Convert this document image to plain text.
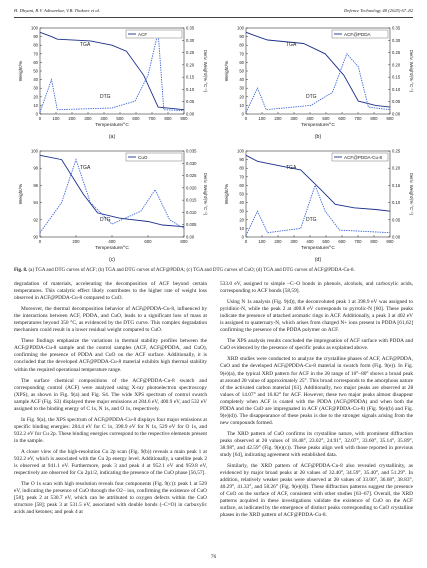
H. Dhyani, R.V. Adivarekar, V.B. Thakore et al.	Defence Technology 48 (2025) 67–82
0	100 200 300 400 500 600 700 800 900
0
10
20
30
40
50
60
70
80
90
100
0.00
0.05
0.10
0.15
0.20
0.25
0.30
0.35
Temperature/°C
Weight/%	Deriv. Weight/(%·°C⁻¹)
TGA
DTG
ACF
(a)
0	100 200 300 400 500 600 700 800 900
0
10
20
30
40
50
60
70
80
90
100
0.00
0.05
0.10
0.15
0.20
0.25
0.30
0.35
Temperature/°C
Weight/%	Deriv. Weight/(%·°C⁻¹)
TGA
DTG
ACF@PDDA
(b)
0	200	400	600	800
90
92
94
96
98
100
0.00
0.005
0.010
0.015
0.020
0.025
0.030
0.035
Temperature/°C
Weight/%	Deriv. Weight/(%·°C⁻¹)
TGA
DTG
CuO
(c)
0	100 200 300 400 500 600 700 800 900
0
10
20
30
40
50
60
70
80
90
100
0.00
0.05
0.10
0.15
0.20
0.25
Temperature/°C
Weight/%	Deriv. Weight/(%·°C⁻¹)
TGA
DTG
ACF@PDDA-Cu-8
(d)
Fig. 8. (a) TGA and DTG curves of ACF; (b) TGA and DTG curves of ACF@PDDA; (c) TGA and DTG curves of CuO; (d) TGA and DTG curves of ACF@PDDA-Cu-8.

degradation of materials, accelerating the decomposition of ACF beyond certain temperatures. This catalytic effect likely contributes to the higher rate of weight loss observed in ACF@PDDA-Cu-8 compared to CuO.

Moreover, the thermal decomposition behavior of ACF@PDDA-Cu-8, influenced by the interactions between ACF, PDDA, and CuO, leads to a significant loss of mass at temperatures beyond 350 °C, as evidenced by the DTG curve. This complex degradation mechanism could result in a lower residual weight compared to CuO.

These findings emphasize the variations in thermal stability profiles between the ACF@PDDA-Cu-8 sample and the control samples (ACF, ACF@PDDA, and CuO), confirming the presence of PDDA and CuO on the ACF surface. Additionally, it is concluded that the developed ACF@PDDA-Cu-8 material exhibits high thermal stability within the required operational temperature range.

The surface chemical compositions of the ACF@PDDA-Cu-8 swatch and corresponding control (ACF) were analyzed using X-ray photoelectron spectroscopy (XPS), as shown in Fig. 9(a) and Fig. S4. The wide XPS spectrum of control swatch sample ACF (Fig. S3) displayed three major emissions at 284.6 eV, 400.9 eV, and 532 eV assigned to the binding energy of C 1s, N 1s, and O 1s, respectively.

In Fig. 9(a), the XPS spectrum of ACF@PDDA-Cu-8 displays four major emissions at specific binding energies: 284.4 eV for C 1s, 398.9 eV for N 1s, 529 eV for O 1s, and 932.2 eV for Cu 2p. These binding energies correspond to the respective elements present in the sample.

A closer view of the high-resolution Cu 2p scan (Fig. 9(b)) reveals a main peak 1 at 932.2 eV, which is associated with the Cu 2p energy level. Additionally, a satellite peak 2 is observed at 941.1 eV. Furthermore, peak 3 and peak 4 at 952.1 eV and 959.8 eV, respectively are observed for Cu 2p1/2, indicating the presence of the CuO phase [56,57].

The O 1s scan with high resolution reveals four components (Fig. 9(c)): peak 1 at 529 eV, indicating the presence of CuO through the O2− ion, confirming the existence of CuO [58]; peak 2 at 530.7 eV, which can be attributed to oxygen defects within the CuO structure [58]; peak 3 at 531.5 eV, associated with double bonds (–C=O) in carboxylic acids and ketones; and peak 4 at

533.0 eV, assigned to simple –C–O bonds in phenols, alcohols, and carboxylic acids, corresponding to ACF bonds [58,59].

Using N 1s analysis (Fig. 9(d)), the deconvoluted peak 1 at 398.9 eV was assigned to pyridinic-N, while the peak 2 at 400.8 eV corresponds to pyrrolic-N [60]. These peaks indicate the presence of attached aromatic rings in ACF. Additionally, a peak 3 at 402 eV is assigned to quaternary-N, which arises from charged N+ ions present in PDDA [61,62] confirming the presence of the PDDA polymer on ACF.

The XPS analysis results concluded the impregnation of ACF surface with PDDA and CuO evidenced by the presence of specific peaks as explained above.

XRD studies were conducted to analyze the crystalline phases of ACF, ACF@PDDA, CuO and the developed ACF@PDDA-Cu-8 material in swatch form (Fig. 9(e)). In Fig. 9(e)(a), the typical XRD pattern for ACF in the 2θ range of 10°–80° shows a broad peak at around 2θ value of approximately 25°. This broad corresponds to the amorphous nature of the activated carbon material [63]. Additionally, two major peaks are observed at 2θ values of 14.07° and 16.82° for ACF. However, these two major peaks almost disappear completely when ACF is coated with the PDDA (ACF@PDDA) and when both the PDDA and the CuO are impregnated in ACF (ACF@PDDA-Cu-8) (Fig. 9(e)(b) and Fig. 9(e)(d)). The disappearance of these peaks is due to the stronger signals arising from the new compounds formed.

The XRD pattern of CuO confirms its crystalline nature, with prominent diffraction peaks observed at 2θ values of 18.48°, 23.02°, 24.91°, 32.07°, 33.60°, 35.14°, 35.89°, 38.98°, and 42.59° (Fig. 9(e)(c)). These peaks align well with those reported in previous study [64], indicating agreement with established data.

Similarly, the XRD pattern of ACF@PDDA-Cu-8 also revealed crystallinity, as evidenced by major broad peaks at 2θ values of 32.40°, 34.59°, 35.40°, and 51.29°. In addition, relatively weaker peaks were observed at 2θ values of 33.06°, 36.68°, 38.83°, 40.29°, 41.33°, and 58.26° (Fig. 9(e)(d)). These diffraction patterns suggest the presence of CuO on the surface of ACF, consistent with other studies [63–67]. Overall, the XRD patterns acquired in these investigations validate the existence of CuO on the ACF surface, as indicated by the emergence of distinct peaks corresponding to CuO crystalline phases in the XRD pattern of ACF@PDDA-Cu-8.

76
